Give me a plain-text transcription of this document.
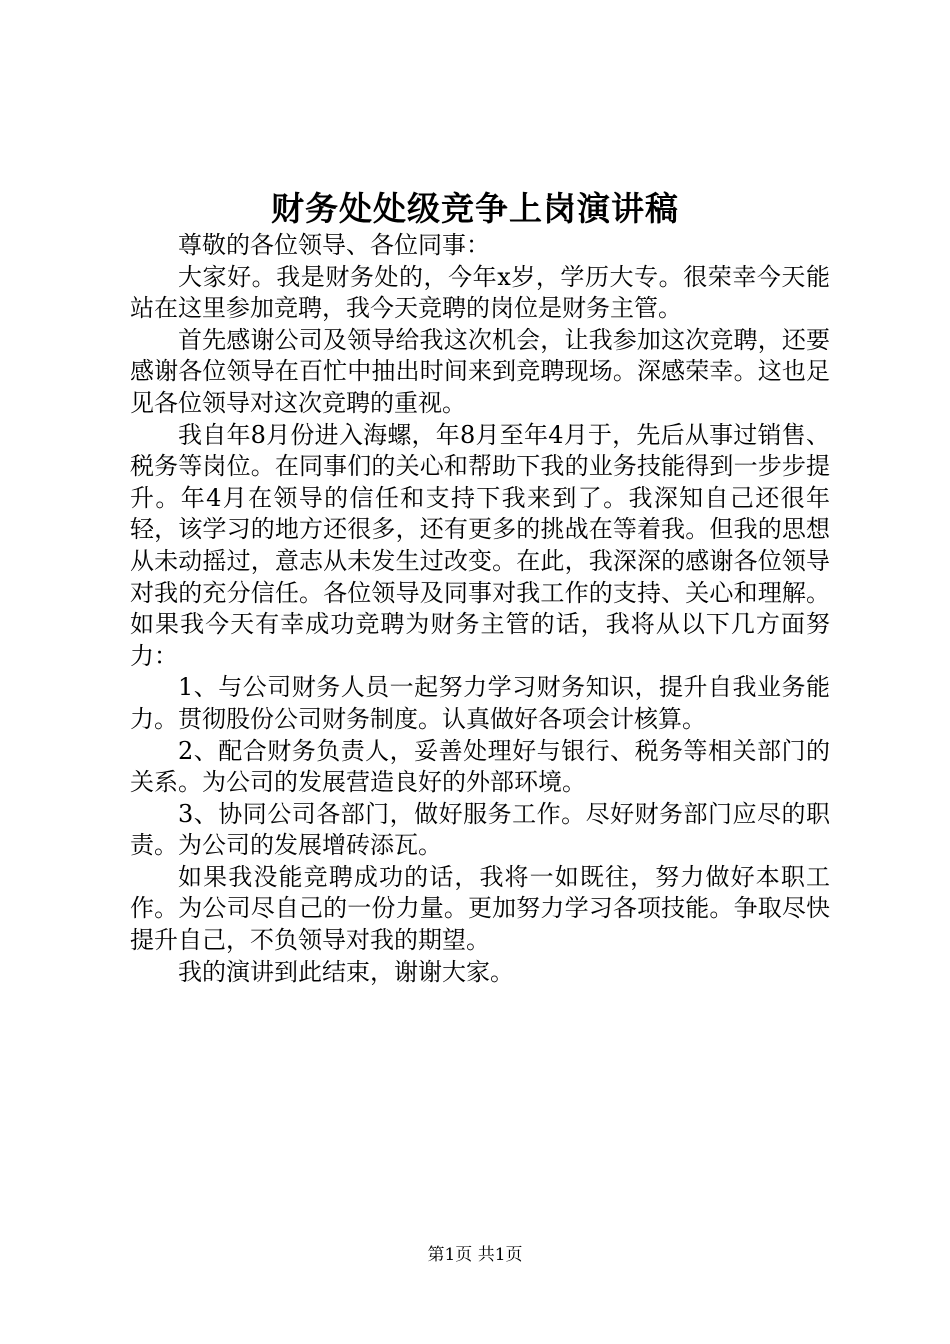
财务处处级竞争上岗演讲稿

尊敬的各位领导、各位同事：

大家好。我是财务处的，今年x岁，学历大专。很荣幸今天能站在这里参加竞聘，我今天竞聘的岗位是财务主管。

首先感谢公司及领导给我这次机会，让我参加这次竞聘，还要感谢各位领导在百忙中抽出时间来到竞聘现场。深感荣幸。这也足见各位领导对这次竞聘的重视。

我自年8月份进入海螺，年8月至年4月于，先后从事过销售、税务等岗位。在同事们的关心和帮助下我的业务技能得到一步步提升。年4月在领导的信任和支持下我来到了。我深知自己还很年轻，该学习的地方还很多，还有更多的挑战在等着我。但我的思想从未动摇过，意志从未发生过改变。在此，我深深的感谢各位领导对我的充分信任。各位领导及同事对我工作的支持、关心和理解。如果我今天有幸成功竞聘为财务主管的话，我将从以下几方面努力：

1、与公司财务人员一起努力学习财务知识，提升自我业务能力。贯彻股份公司财务制度。认真做好各项会计核算。

2、配合财务负责人，妥善处理好与银行、税务等相关部门的关系。为公司的发展营造良好的外部环境。

3、协同公司各部门，做好服务工作。尽好财务部门应尽的职责。为公司的发展增砖添瓦。

如果我没能竞聘成功的话，我将一如既往，努力做好本职工作。为公司尽自己的一份力量。更加努力学习各项技能。争取尽快提升自己，不负领导对我的期望。

我的演讲到此结束，谢谢大家。

第1页 共1页
